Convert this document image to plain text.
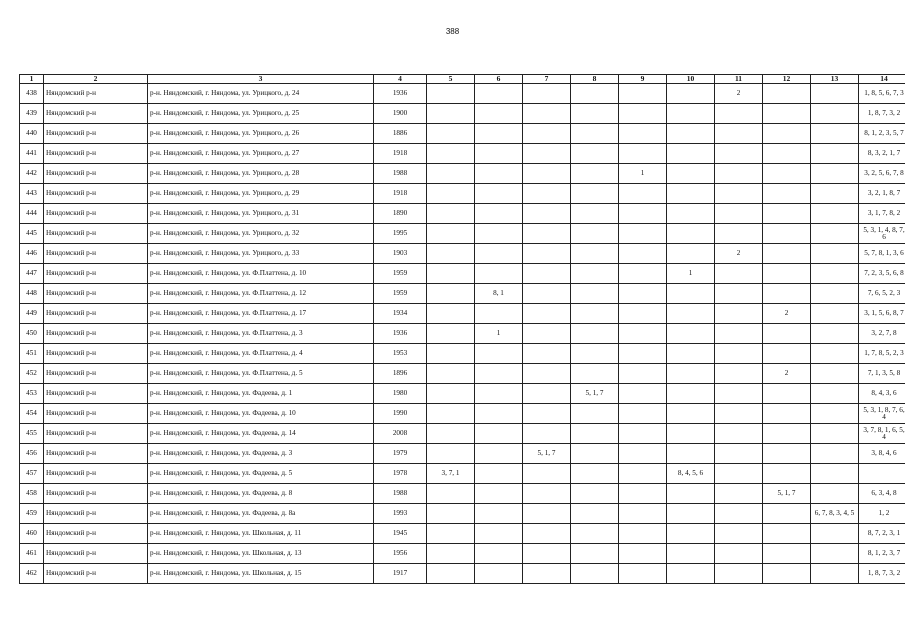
388
1	2	3	4	5	6	7	8	9	10	11	12	13	14
438	Няндомский р-н	р-н. Няндомский, г. Няндома, ул. Урицкого, д. 24	1936							2			1, 8, 5, 6, 7, 3
439	Няндомский р-н	р-н. Няндомский, г. Няндома, ул. Урицкого, д. 25	1900										1, 8, 7, 3, 2
440	Няндомский р-н	р-н. Няндомский, г. Няндома, ул. Урицкого, д. 26	1886										8, 1, 2, 3, 5, 7
441	Няндомский р-н	р-н. Няндомский, г. Няндома, ул. Урицкого, д. 27	1918										8, 3, 2, 1, 7
442	Няндомский р-н	р-н. Няндомский, г. Няндома, ул. Урицкого, д. 28	1988					1					3, 2, 5, 6, 7, 8
443	Няндомский р-н	р-н. Няндомский, г. Няндома, ул. Урицкого, д. 29	1918										3, 2, 1, 8, 7
444	Няндомский р-н	р-н. Няндомский, г. Няндома, ул. Урицкого, д. 31	1890										3, 1, 7, 8, 2
445	Няндомский р-н	р-н. Няндомский, г. Няндома, ул. Урицкого, д. 32	1995										5, 3, 1, 4, 8, 7, 6
446	Няндомский р-н	р-н. Няндомский, г. Няндома, ул. Урицкого, д. 33	1903							2			5, 7, 8, 1, 3, 6
447	Няндомский р-н	р-н. Няндомский, г. Няндома, ул. Ф.Платтена, д. 10	1959						1				7, 2, 3, 5, 6, 8
448	Няндомский р-н	р-н. Няндомский, г. Няндома, ул. Ф.Платтена, д. 12	1959		8, 1								7, 6, 5, 2, 3
449	Няндомский р-н	р-н. Няндомский, г. Няндома, ул. Ф.Платтена, д. 17	1934								2		3, 1, 5, 6, 8, 7
450	Няндомский р-н	р-н. Няндомский, г. Няндома, ул. Ф.Платтена, д. 3	1936		1								3, 2, 7, 8
451	Няндомский р-н	р-н. Няндомский, г. Няндома, ул. Ф.Платтена, д. 4	1953										1, 7, 8, 5, 2, 3
452	Няндомский р-н	р-н. Няндомский, г. Няндома, ул. Ф.Платтена, д. 5	1896								2		7, 1, 3, 5, 8
453	Няндомский р-н	р-н. Няндомский, г. Няндома, ул. Фадеева, д. 1	1980				5, 1, 7						8, 4, 3, 6
454	Няндомский р-н	р-н. Няндомский, г. Няндома, ул. Фадеева, д. 10	1990										5, 3, 1, 8, 7, 6, 4
455	Няндомский р-н	р-н. Няндомский, г. Няндома, ул. Фадеева, д. 14	2008										3, 7, 8, 1, 6, 5, 4
456	Няндомский р-н	р-н. Няндомский, г. Няндома, ул. Фадеева, д. 3	1979			5, 1, 7							3, 8, 4, 6
457	Няндомский р-н	р-н. Няндомский, г. Няндома, ул. Фадеева, д. 5	1978	3, 7, 1					8, 4, 5, 6				
458	Няндомский р-н	р-н. Няндомский, г. Няндома, ул. Фадеева, д. 8	1988								5, 1, 7		6, 3, 4, 8
459	Няндомский р-н	р-н. Няндомский, г. Няндома, ул. Фадеева, д. 8а	1993									6, 7, 8, 3, 4, 5	1, 2
460	Няндомский р-н	р-н. Няндомский, г. Няндома, ул. Школьная, д. 11	1945										8, 7, 2, 3, 1
461	Няндомский р-н	р-н. Няндомский, г. Няндома, ул. Школьная, д. 13	1956										8, 1, 2, 3, 7
462	Няндомский р-н	р-н. Няндомский, г. Няндома, ул. Школьная, д. 15	1917										1, 8, 7, 3, 2
